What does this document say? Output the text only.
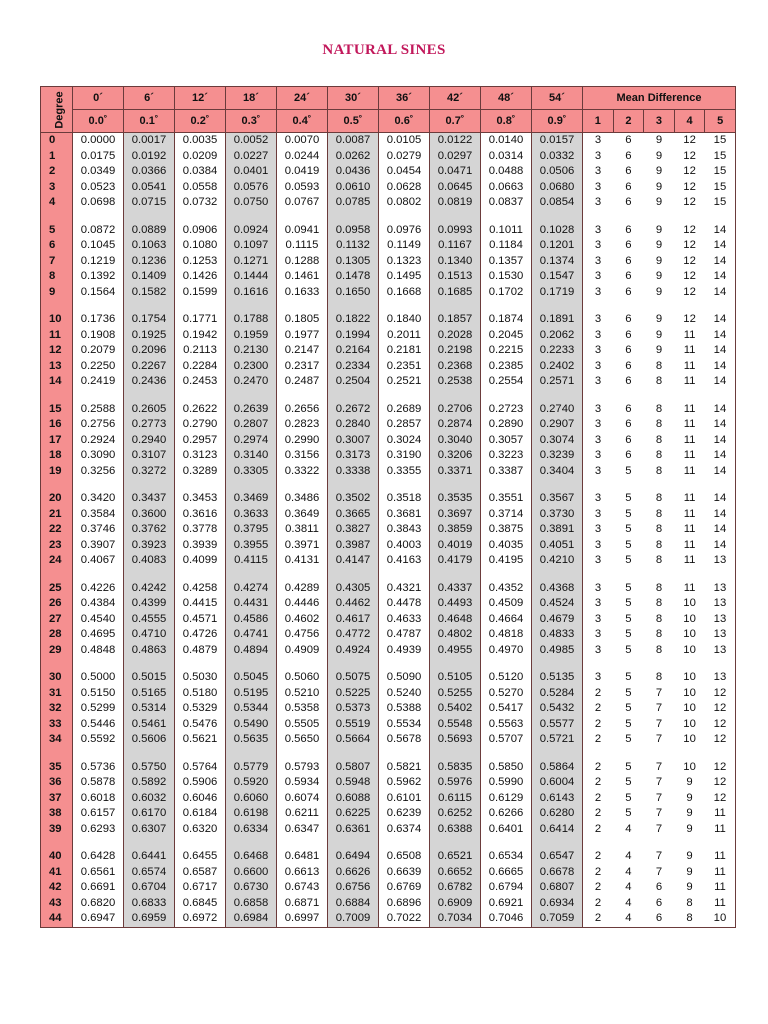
NATURAL SINES
Degree	0´	6´	12´	18´	24´	30´	36´	42´	48´	54´	Mean Difference				
	0.0˚	0.1˚	0.2˚	0.3˚	0.4˚	0.5˚	0.6˚	0.7˚	0.8˚	0.9˚	1	2	3	4	5
0	0.0000	0.0017	0.0035	0.0052	0.0070	0.0087	0.0105	0.0122	0.0140	0.0157	3	6	9	12	15
1	0.0175	0.0192	0.0209	0.0227	0.0244	0.0262	0.0279	0.0297	0.0314	0.0332	3	6	9	12	15
2	0.0349	0.0366	0.0384	0.0401	0.0419	0.0436	0.0454	0.0471	0.0488	0.0506	3	6	9	12	15
3	0.0523	0.0541	0.0558	0.0576	0.0593	0.0610	0.0628	0.0645	0.0663	0.0680	3	6	9	12	15
4	0.0698	0.0715	0.0732	0.0750	0.0767	0.0785	0.0802	0.0819	0.0837	0.0854	3	6	9	12	15

5	0.0872	0.0889	0.0906	0.0924	0.0941	0.0958	0.0976	0.0993	0.1011	0.1028	3	6	9	12	14
6	0.1045	0.1063	0.1080	0.1097	0.1115	0.1132	0.1149	0.1167	0.1184	0.1201	3	6	9	12	14
7	0.1219	0.1236	0.1253	0.1271	0.1288	0.1305	0.1323	0.1340	0.1357	0.1374	3	6	9	12	14
8	0.1392	0.1409	0.1426	0.1444	0.1461	0.1478	0.1495	0.1513	0.1530	0.1547	3	6	9	12	14
9	0.1564	0.1582	0.1599	0.1616	0.1633	0.1650	0.1668	0.1685	0.1702	0.1719	3	6	9	12	14

10	0.1736	0.1754	0.1771	0.1788	0.1805	0.1822	0.1840	0.1857	0.1874	0.1891	3	6	9	12	14
11	0.1908	0.1925	0.1942	0.1959	0.1977	0.1994	0.2011	0.2028	0.2045	0.2062	3	6	9	11	14
12	0.2079	0.2096	0.2113	0.2130	0.2147	0.2164	0.2181	0.2198	0.2215	0.2233	3	6	9	11	14
13	0.2250	0.2267	0.2284	0.2300	0.2317	0.2334	0.2351	0.2368	0.2385	0.2402	3	6	8	11	14
14	0.2419	0.2436	0.2453	0.2470	0.2487	0.2504	0.2521	0.2538	0.2554	0.2571	3	6	8	11	14

15	0.2588	0.2605	0.2622	0.2639	0.2656	0.2672	0.2689	0.2706	0.2723	0.2740	3	6	8	11	14
16	0.2756	0.2773	0.2790	0.2807	0.2823	0.2840	0.2857	0.2874	0.2890	0.2907	3	6	8	11	14
17	0.2924	0.2940	0.2957	0.2974	0.2990	0.3007	0.3024	0.3040	0.3057	0.3074	3	6	8	11	14
18	0.3090	0.3107	0.3123	0.3140	0.3156	0.3173	0.3190	0.3206	0.3223	0.3239	3	6	8	11	14
19	0.3256	0.3272	0.3289	0.3305	0.3322	0.3338	0.3355	0.3371	0.3387	0.3404	3	5	8	11	14

20	0.3420	0.3437	0.3453	0.3469	0.3486	0.3502	0.3518	0.3535	0.3551	0.3567	3	5	8	11	14
21	0.3584	0.3600	0.3616	0.3633	0.3649	0.3665	0.3681	0.3697	0.3714	0.3730	3	5	8	11	14
22	0.3746	0.3762	0.3778	0.3795	0.3811	0.3827	0.3843	0.3859	0.3875	0.3891	3	5	8	11	14
23	0.3907	0.3923	0.3939	0.3955	0.3971	0.3987	0.4003	0.4019	0.4035	0.4051	3	5	8	11	14
24	0.4067	0.4083	0.4099	0.4115	0.4131	0.4147	0.4163	0.4179	0.4195	0.4210	3	5	8	11	13

25	0.4226	0.4242	0.4258	0.4274	0.4289	0.4305	0.4321	0.4337	0.4352	0.4368	3	5	8	11	13
26	0.4384	0.4399	0.4415	0.4431	0.4446	0.4462	0.4478	0.4493	0.4509	0.4524	3	5	8	10	13
27	0.4540	0.4555	0.4571	0.4586	0.4602	0.4617	0.4633	0.4648	0.4664	0.4679	3	5	8	10	13
28	0.4695	0.4710	0.4726	0.4741	0.4756	0.4772	0.4787	0.4802	0.4818	0.4833	3	5	8	10	13
29	0.4848	0.4863	0.4879	0.4894	0.4909	0.4924	0.4939	0.4955	0.4970	0.4985	3	5	8	10	13

30	0.5000	0.5015	0.5030	0.5045	0.5060	0.5075	0.5090	0.5105	0.5120	0.5135	3	5	8	10	13
31	0.5150	0.5165	0.5180	0.5195	0.5210	0.5225	0.5240	0.5255	0.5270	0.5284	2	5	7	10	12
32	0.5299	0.5314	0.5329	0.5344	0.5358	0.5373	0.5388	0.5402	0.5417	0.5432	2	5	7	10	12
33	0.5446	0.5461	0.5476	0.5490	0.5505	0.5519	0.5534	0.5548	0.5563	0.5577	2	5	7	10	12
34	0.5592	0.5606	0.5621	0.5635	0.5650	0.5664	0.5678	0.5693	0.5707	0.5721	2	5	7	10	12

35	0.5736	0.5750	0.5764	0.5779	0.5793	0.5807	0.5821	0.5835	0.5850	0.5864	2	5	7	10	12
36	0.5878	0.5892	0.5906	0.5920	0.5934	0.5948	0.5962	0.5976	0.5990	0.6004	2	5	7	9	12
37	0.6018	0.6032	0.6046	0.6060	0.6074	0.6088	0.6101	0.6115	0.6129	0.6143	2	5	7	9	12
38	0.6157	0.6170	0.6184	0.6198	0.6211	0.6225	0.6239	0.6252	0.6266	0.6280	2	5	7	9	11
39	0.6293	0.6307	0.6320	0.6334	0.6347	0.6361	0.6374	0.6388	0.6401	0.6414	2	4	7	9	11

40	0.6428	0.6441	0.6455	0.6468	0.6481	0.6494	0.6508	0.6521	0.6534	0.6547	2	4	7	9	11
41	0.6561	0.6574	0.6587	0.6600	0.6613	0.6626	0.6639	0.6652	0.6665	0.6678	2	4	7	9	11
42	0.6691	0.6704	0.6717	0.6730	0.6743	0.6756	0.6769	0.6782	0.6794	0.6807	2	4	6	9	11
43	0.6820	0.6833	0.6845	0.6858	0.6871	0.6884	0.6896	0.6909	0.6921	0.6934	2	4	6	8	11
44	0.6947	0.6959	0.6972	0.6984	0.6997	0.7009	0.7022	0.7034	0.7046	0.7059	2	4	6	8	10
